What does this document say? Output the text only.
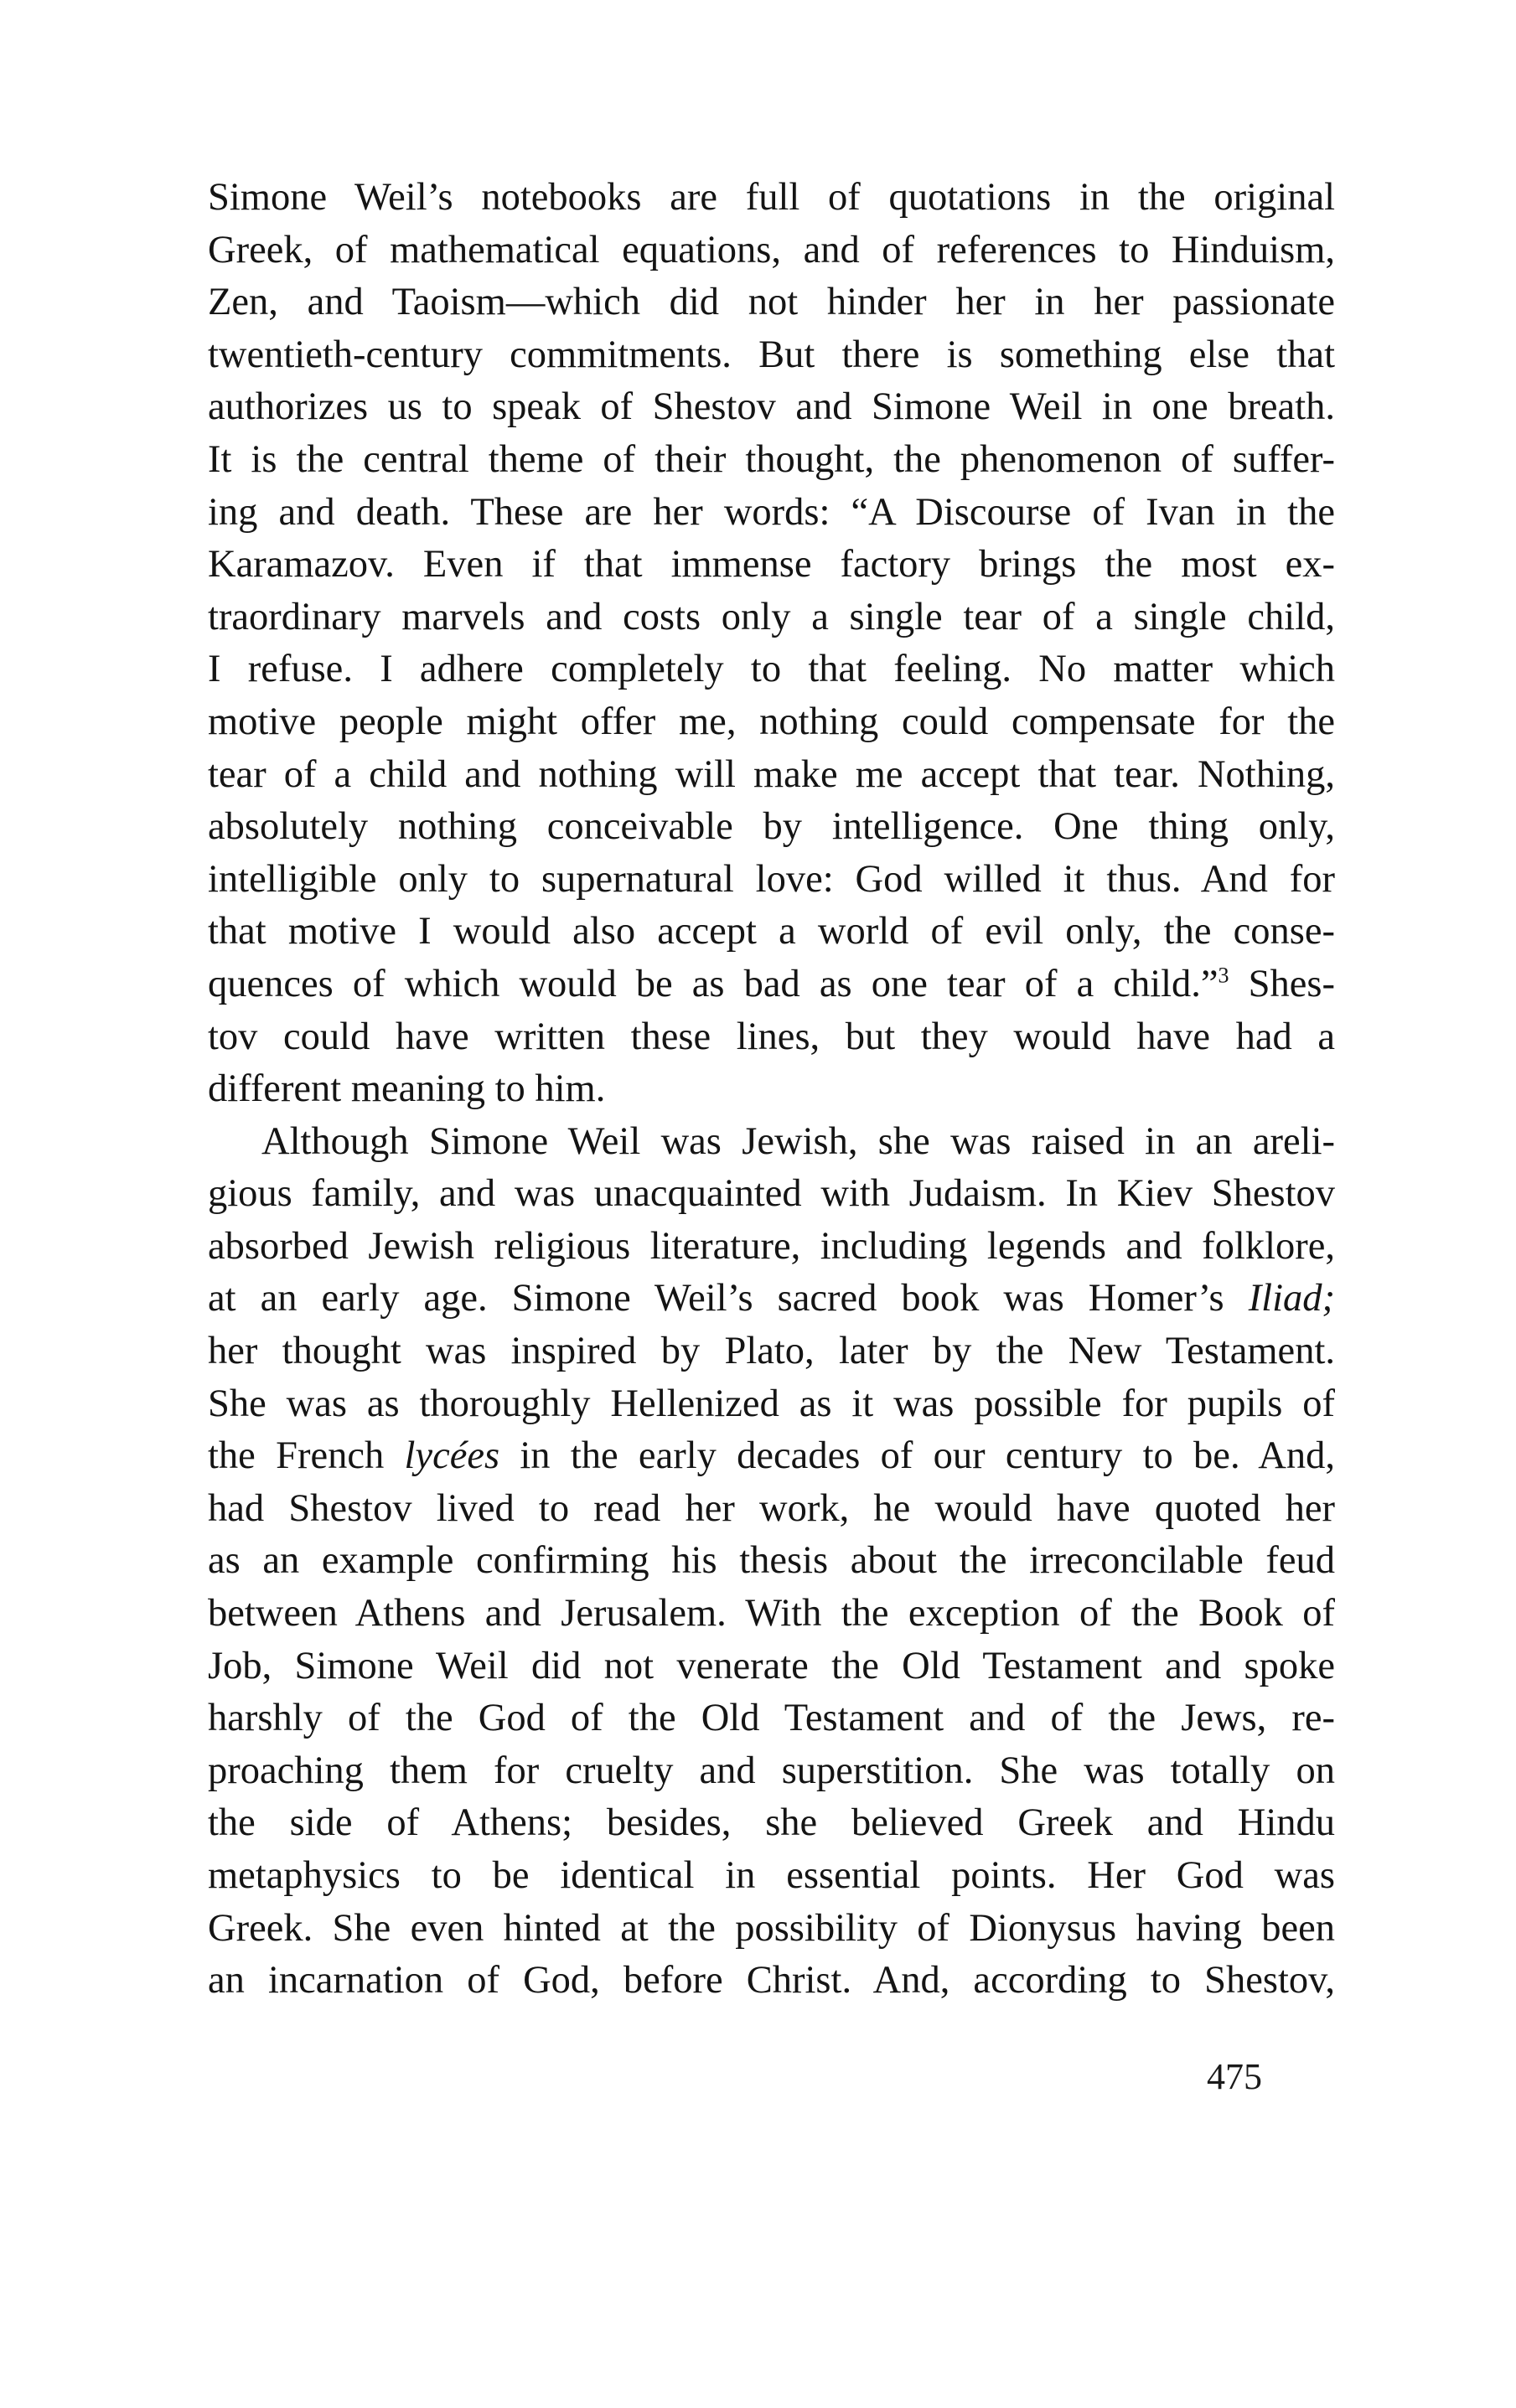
Simone Weil’s notebooks are full of quotations in the original
Greek, of mathematical equations, and of references to Hinduism,
Zen, and Taoism—which did not hinder her in her passionate
twentieth-century commitments. But there is something else that
authorizes us to speak of Shestov and Simone Weil in one breath.
It is the central theme of their thought, the phenomenon of suffer-
ing and death. These are her words: “A Discourse of Ivan in the
Karamazov. Even if that immense factory brings the most ex-
traordinary marvels and costs only a single tear of a single child,
I refuse. I adhere completely to that feeling. No matter which
motive people might offer me, nothing could compensate for the
tear of a child and nothing will make me accept that tear. Nothing,
absolutely nothing conceivable by intelligence. One thing only,
intelligible only to supernatural love: God willed it thus. And for
that motive I would also accept a world of evil only, the conse-
quences of which would be as bad as one tear of a child.”$^3$ Shes-
tov could have written these lines, but they would have had a
different meaning to him.

Although Simone Weil was Jewish, she was raised in an areli-
gious family, and was unacquainted with Judaism. In Kiev Shestov
absorbed Jewish religious literature, including legends and folklore,
at an early age. Simone Weil’s sacred book was Homer’s Iliad;
her thought was inspired by Plato, later by the New Testament.
She was as thoroughly Hellenized as it was possible for pupils of
the French lycées in the early decades of our century to be. And,
had Shestov lived to read her work, he would have quoted her
as an example confirming his thesis about the irreconcilable feud
between Athens and Jerusalem. With the exception of the Book of
Job, Simone Weil did not venerate the Old Testament and spoke
harshly of the God of the Old Testament and of the Jews, re-
proaching them for cruelty and superstition. She was totally on
the side of Athens; besides, she believed Greek and Hindu
metaphysics to be identical in essential points. Her God was
Greek. She even hinted at the possibility of Dionysus having been
an incarnation of God, before Christ. And, according to Shestov,

475
